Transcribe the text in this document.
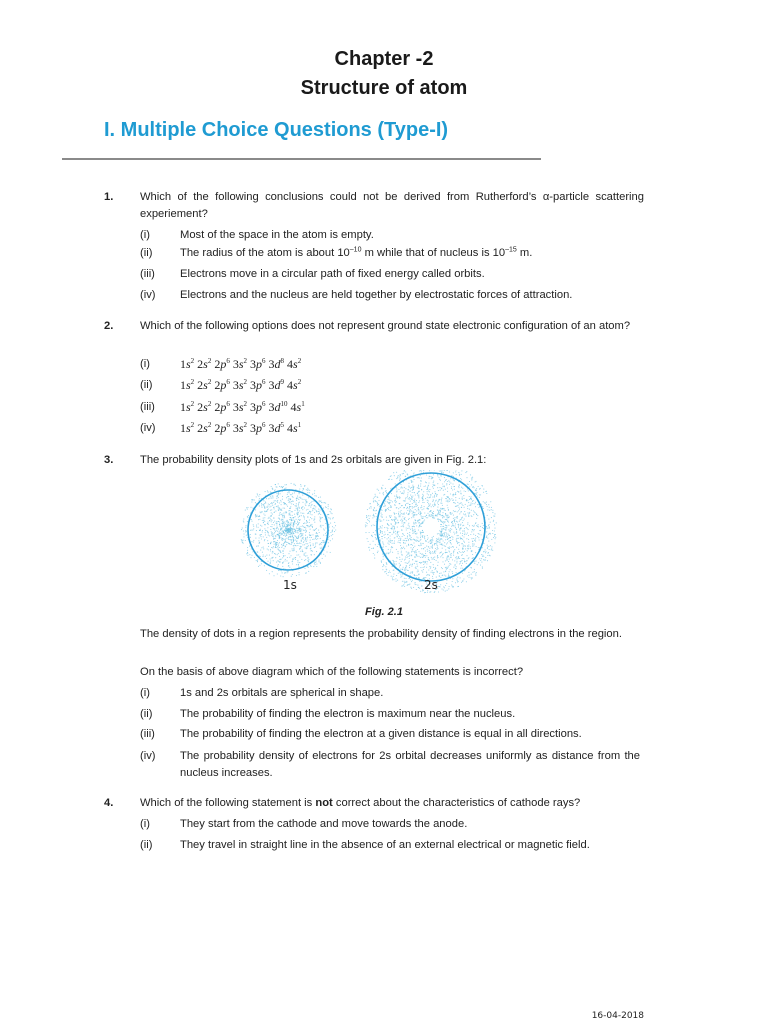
Chapter -2
Structure of atom
I. Multiple Choice Questions (Type-I)
1. Which of the following conclusions could not be derived from Rutherford’s α-particle scattering experiement?
(i)	Most of the space in the atom is empty.
(ii) The radius of the atom is about $10^{-10}$ m while that of nucleus is $10^{-15}$ m.
(iii) Electrons move in a circular path of fixed energy called orbits.
(iv) Electrons and the nucleus are held together by electrostatic forces of attraction.
2. Which of the following options does not represent ground state electronic configuration of an atom?
(i)	$1s^2$ $2s^2$ $2p^6$ $3s^2$ $3p^6$ $3d^8$ $4s^2$
(ii) $1s^2$ $2s^2$ $2p^6$ $3s^2$ $3p^6$ $3d^9$ $4s^2$
(iii) $1s^2$ $2s^2$ $2p^6$ $3s^2$ $3p^6$ $3d^{10}$ $4s^1$
(iv) $1s^2$ $2s^2$ $2p^6$ $3s^2$ $3p^6$ $3d^5$ $4s^1$
3. The probability density plots of 1s and 2s orbitals are given in Fig. 2.1:
1s	2s
Fig. 2.1
The density of dots in a region represents the probability density of finding electrons in the region.
On the basis of above diagram which of the following statements is incorrect?
(i)	1s and 2s orbitals are spherical in shape.
(ii) The probability of finding the electron is maximum near the nucleus.
(iii) The probability of finding the electron at a given distance is equal in all directions.
(iv) The probability density of electrons for 2s orbital decreases uniformly as distance from the nucleus increases.
4. Which of the following statement is not correct about the characteristics of cathode rays?
(i)	They start from the cathode and move towards the anode.
(ii) They travel in straight line in the absence of an external electrical or magnetic field.
16-04-2018
